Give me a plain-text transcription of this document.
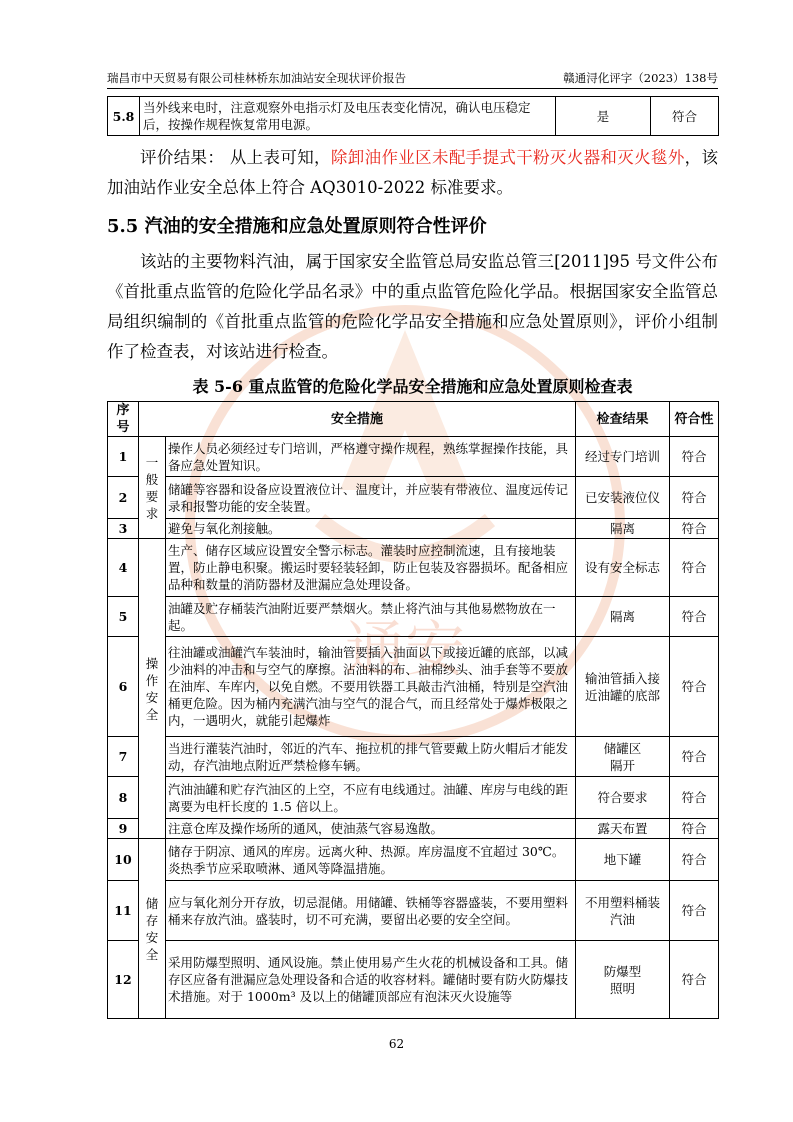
通安
瑞昌市中天贸易有限公司桂林桥东加油站安全现状评价报告	赣通浔化评字（2023）138号
5.8	当外线来电时，注意观察外电指示灯及电压表变化情况，确认电压稳定后，按操作规程恢复常用电源。	是	符合

评价结果： 从上表可知，除卸油作业区未配手提式干粉灭火器和灭火毯外，该加油站作业安全总体上符合 AQ3010-2022 标准要求。

5.5 汽油的安全措施和应急处置原则符合性评价

该站的主要物料汽油，属于国家安全监管总局安监总管三[2011]95 号文件公布《首批重点监管的危险化学品名录》中的重点监管危险化学品。根据国家安全监管总局组织编制的《首批重点监管的危险化学品安全措施和应急处置原则》，评价小组制作了检查表，对该站进行检查。

表 5-6 重点监管的危险化学品安全措施和应急处置原则检查表
序号	安全措施		检查结果	符合性
1	一般要求	操作人员必须经过专门培训，严格遵守操作规程，熟练掌握操作技能，具备应急处置知识。	经过专门培训	符合
2		储罐等容器和设备应设置液位计、温度计，并应装有带液位、温度远传记录和报警功能的安全装置。	已安装液位仪	符合
3		避免与氧化剂接触。	隔离	符合
4	操作安全	生产、储存区域应设置安全警示标志。灌装时应控制流速，且有接地装置，防止静电积聚。搬运时要轻装轻卸，防止包装及容器损坏。配备相应品种和数量的消防器材及泄漏应急处理设备。	设有安全标志	符合
5		油罐及贮存桶装汽油附近要严禁烟火。禁止将汽油与其他易燃物放在一起。	隔离	符合
6		往油罐或油罐汽车装油时，输油管要插入油面以下或接近罐的底部，以减少油料的冲击和与空气的摩擦。沾油料的布、油棉纱头、油手套等不要放在油库、车库内，以免自燃。不要用铁器工具敲击汽油桶，特别是空汽油桶更危险。因为桶内充满汽油与空气的混合气，而且经常处于爆炸极限之内，一遇明火，就能引起爆炸	输油管插入接近油罐的底部	符合
7		当进行灌装汽油时，邻近的汽车、拖拉机的排气管要戴上防火帽后才能发动，存汽油地点附近严禁检修车辆。	储罐区
隔开	符合
8		汽油油罐和贮存汽油区的上空，不应有电线通过。油罐、库房与电线的距离要为电杆长度的 1.5 倍以上。	符合要求	符合
9		注意仓库及操作场所的通风，使油蒸气容易逸散。	露天布置	符合
10	储存安全	储存于阴凉、通风的库房。远离火种、热源。库房温度不宜超过 30℃。炎热季节应采取喷淋、通风等降温措施。	地下罐	符合
11		应与氧化剂分开存放，切忌混储。用储罐、铁桶等容器盛装，不要用塑料桶来存放汽油。盛装时，切不可充满，要留出必要的安全空间。	不用塑料桶装汽油	符合
12		采用防爆型照明、通风设施。禁止使用易产生火花的机械设备和工具。储存区应备有泄漏应急处理设备和合适的收容材料。罐储时要有防火防爆技术措施。对于 1000m³ 及以上的储罐顶部应有泡沫灭火设施等	防爆型
照明	符合
62
